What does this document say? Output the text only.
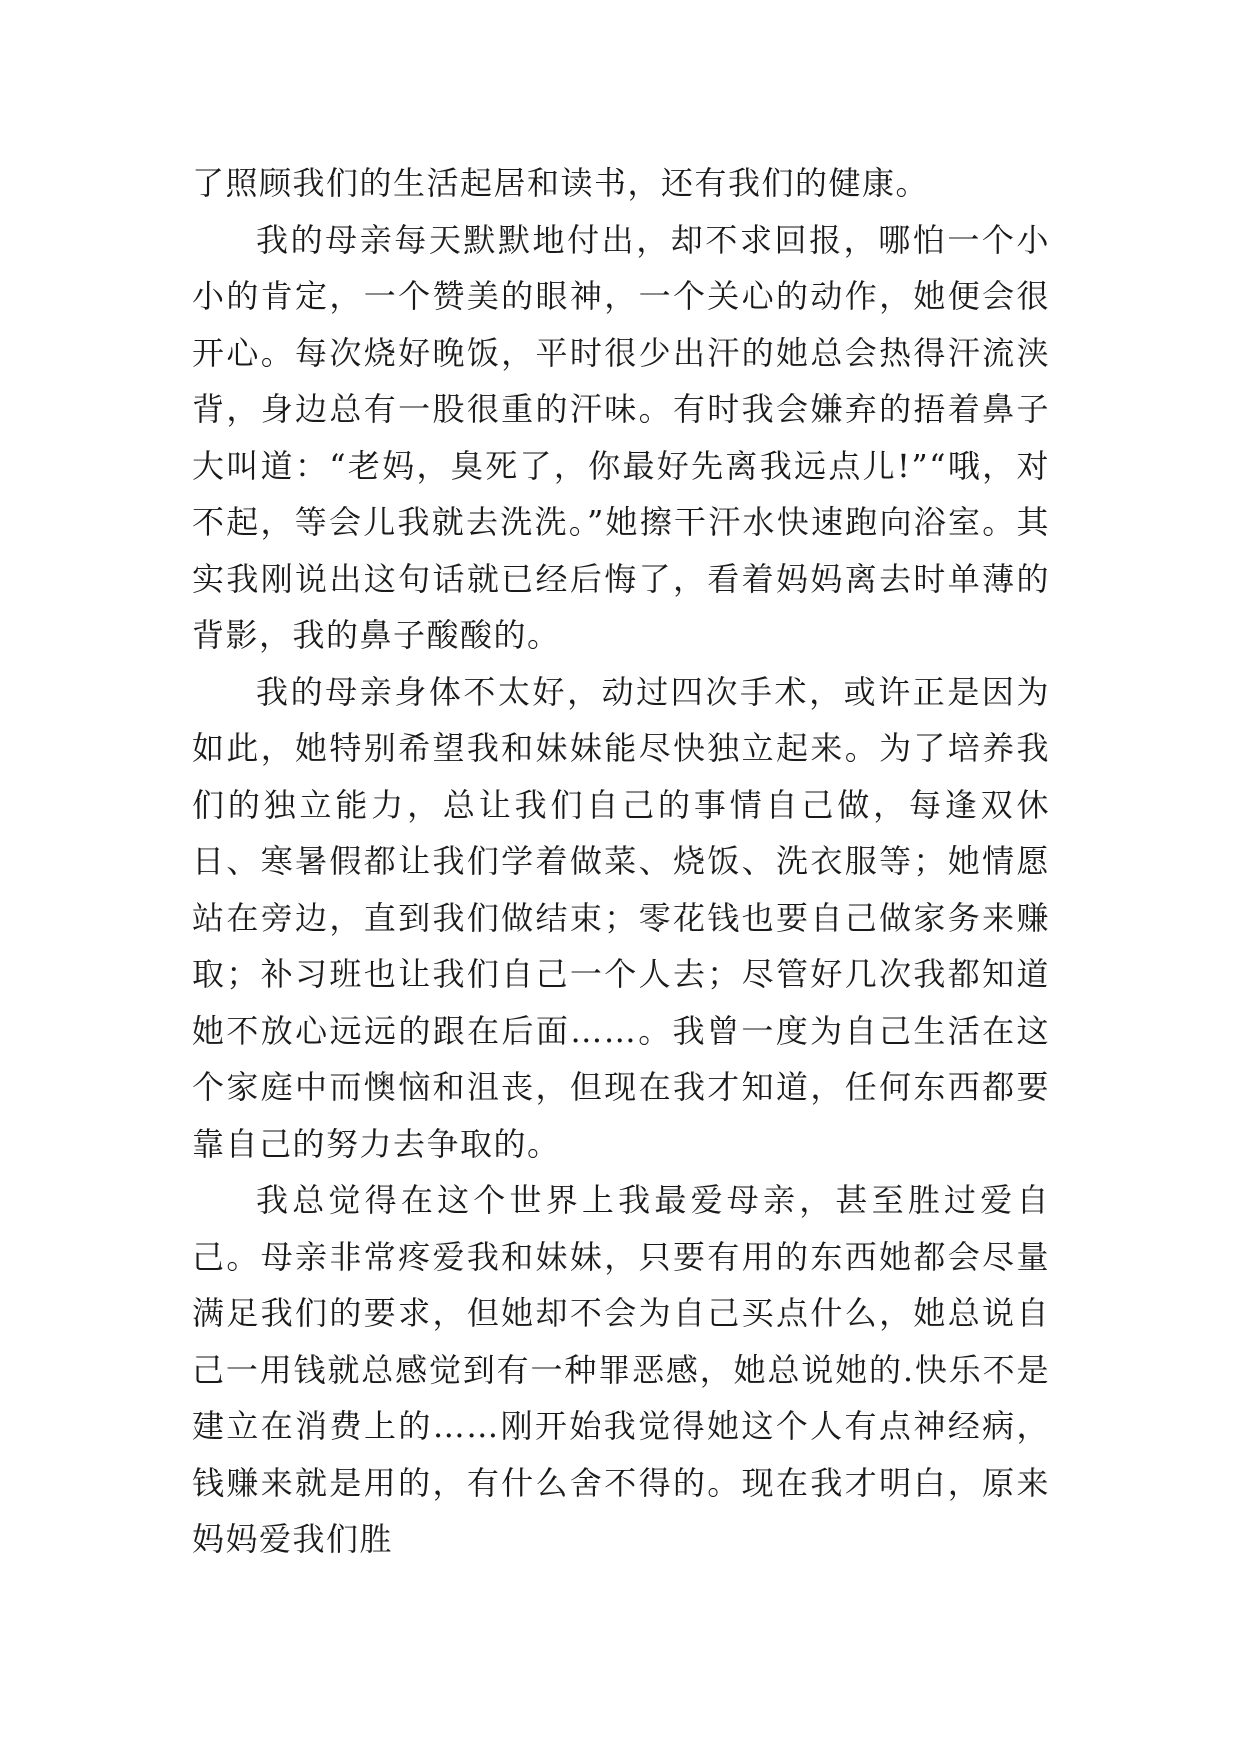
了照顾我们的生活起居和读书，还有我们的健康。

我的母亲每天默默地付出，却不求回报，哪怕一个小小的肯定，一个赞美的眼神，一个关心的动作，她便会很开心。每次烧好晚饭，平时很少出汗的她总会热得汗流浃背，身边总有一股很重的汗味。有时我会嫌弃的捂着鼻子大叫道：“老妈，臭死了，你最好先离我远点儿!”“哦，对不起，等会儿我就去洗洗。”她擦干汗水快速跑向浴室。其实我刚说出这句话就已经后悔了，看着妈妈离去时单薄的背影，我的鼻子酸酸的。

我的母亲身体不太好，动过四次手术，或许正是因为如此，她特别希望我和妹妹能尽快独立起来。为了培养我们的独立能力，总让我们自己的事情自己做，每逢双休日、寒暑假都让我们学着做菜、烧饭、洗衣服等；她情愿站在旁边，直到我们做结束；零花钱也要自己做家务来赚取；补习班也让我们自己一个人去；尽管好几次我都知道她不放心远远的跟在后面……。我曾一度为自己生活在这个家庭中而懊恼和沮丧，但现在我才知道，任何东西都要靠自己的努力去争取的。

我总觉得在这个世界上我最爱母亲，甚至胜过爱自己。母亲非常疼爱我和妹妹，只要有用的东西她都会尽量满足我们的要求，但她却不会为自己买点什么，她总说自己一用钱就总感觉到有一种罪恶感，她总说她的.快乐不是建立在消费上的……刚开始我觉得她这个人有点神经病，钱赚来就是用的，有什么舍不得的。现在我才明白，原来妈妈爱我们胜
